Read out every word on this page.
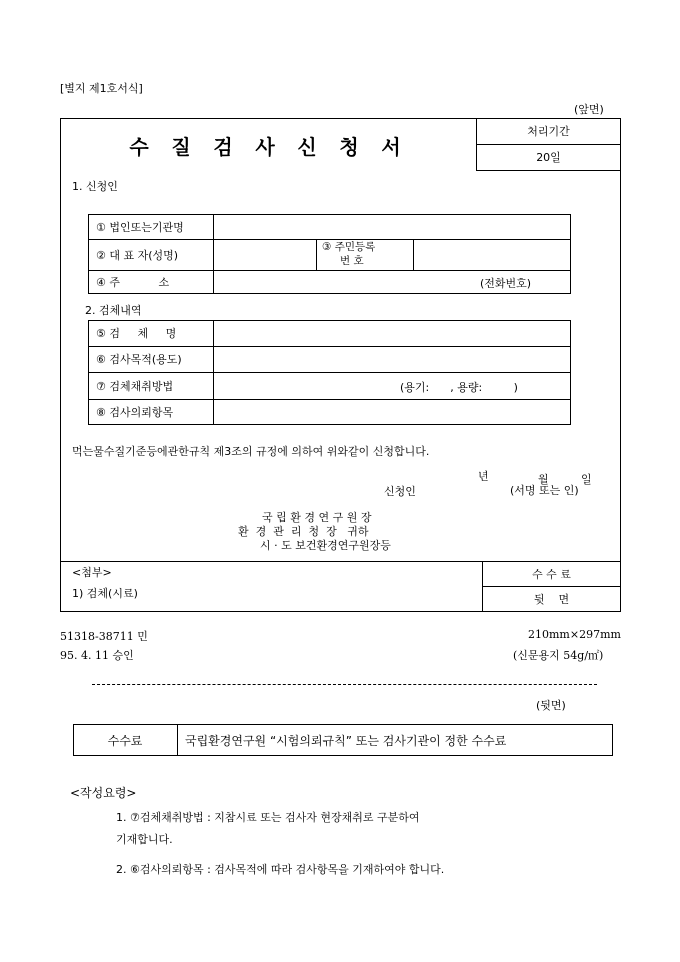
[별지 제1호서식]
(앞면)
수 질 검 사 신 청 서
처리기간
20일
1. 신청인
① 법인또는기관명
② 대 표 자(성명)
③ 주민등록
번 호
④ 주           소	(전화번호)
2. 검체내역
⑤ 검     체     명
⑥ 검사목적(용도)
⑦ 검체채취방법	(용기:      , 용량:         )
⑧ 검사의뢰항목
먹는물수질기준등에관한규칙 제3조의 규정에 의하여 위와같이 신청합니다.
년	월	일
신청인	(서명 또는 인)
국 립 환 경 연 구 원 장
환  경  관  리  청  장   귀하
시 · 도 보건환경연구원장등
<첨부>
1) 검체(시료)
수 수 료
뒷    면
51318-38711 민
95. 4. 11 승인
210mm×297mm
(신문용지 54g/㎡)
(뒷면)
수수료	국립환경연구원 “시험의뢰규칙” 또는 검사기관이 정한 수수료
<작성요령>
1. ⑦검체채취방법 : 지참시료 또는 검사자 현장채취로 구분하여
기재합니다.
2. ⑥검사의뢰항목 : 검사목적에 따라 검사항목을 기재하여야 합니다.
